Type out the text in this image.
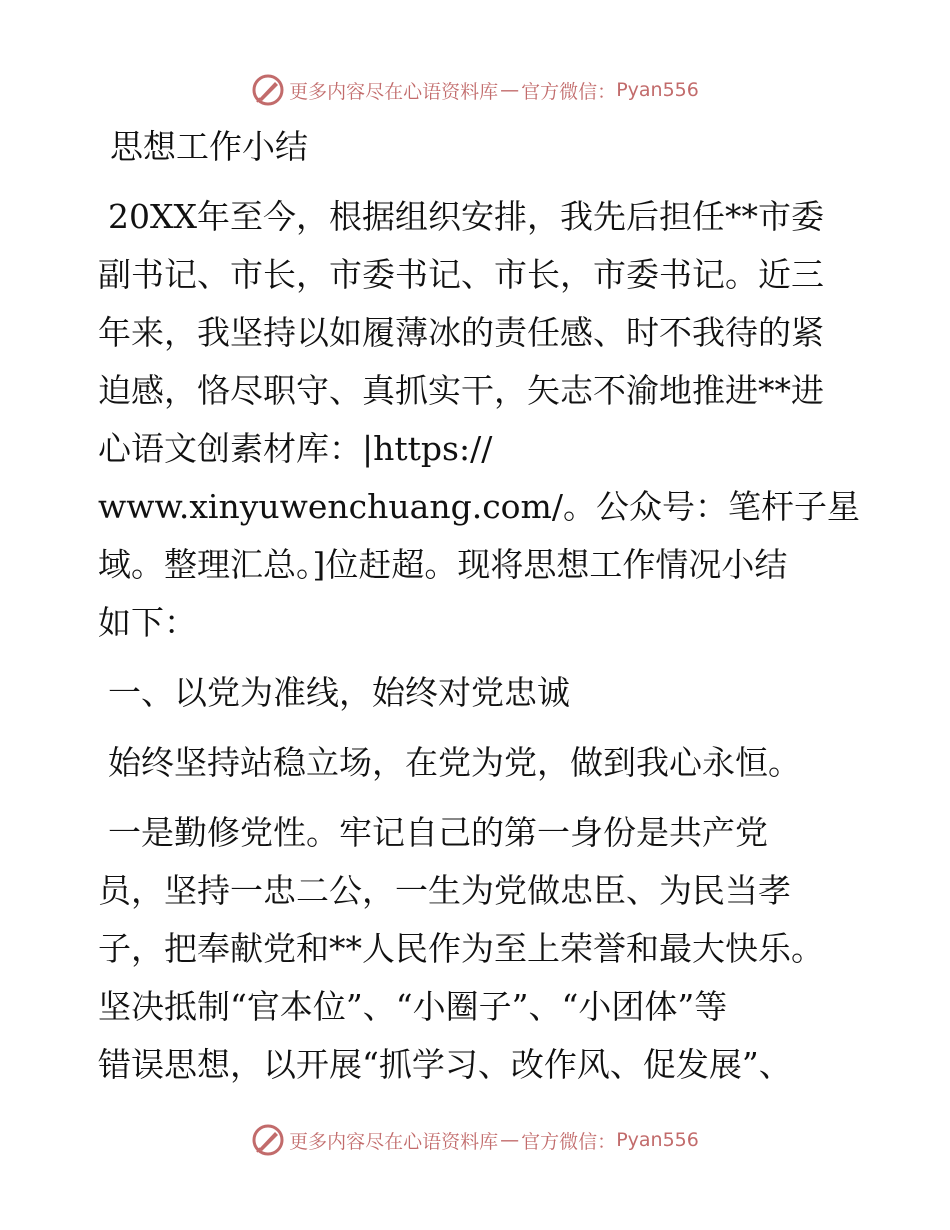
更多内容尽在心语资料库 — 官方微信： Pyan556

思想工作小结

20XX年至今，根据组织安排，我先后担任**市委

副书记、市长，市委书记、市长，市委书记。近三

年来，我坚持以如履薄冰的责任感、时不我待的紧

迫感，恪尽职守、真抓实干，矢志不渝地推进**进

心语文创素材库：|https://

www.xinyuwenchuang.com/。公众号：笔杆子星

域。整理汇总。]位赶超。现将思想工作情况小结

如下：

一、以党为准线，始终对党忠诚

始终坚持站稳立场，在党为党，做到我心永恒。

一是勤修党性。牢记自己的第一身份是共产党

员，坚持一忠二公，一生为党做忠臣、为民当孝

子，把奉献党和**人民作为至上荣誉和最大快乐。

坚决抵制“官本位”、“小圈子”、“小团体”等

错误思想，以开展“抓学习、改作风、促发展”、

更多内容尽在心语资料库 — 官方微信： Pyan556
